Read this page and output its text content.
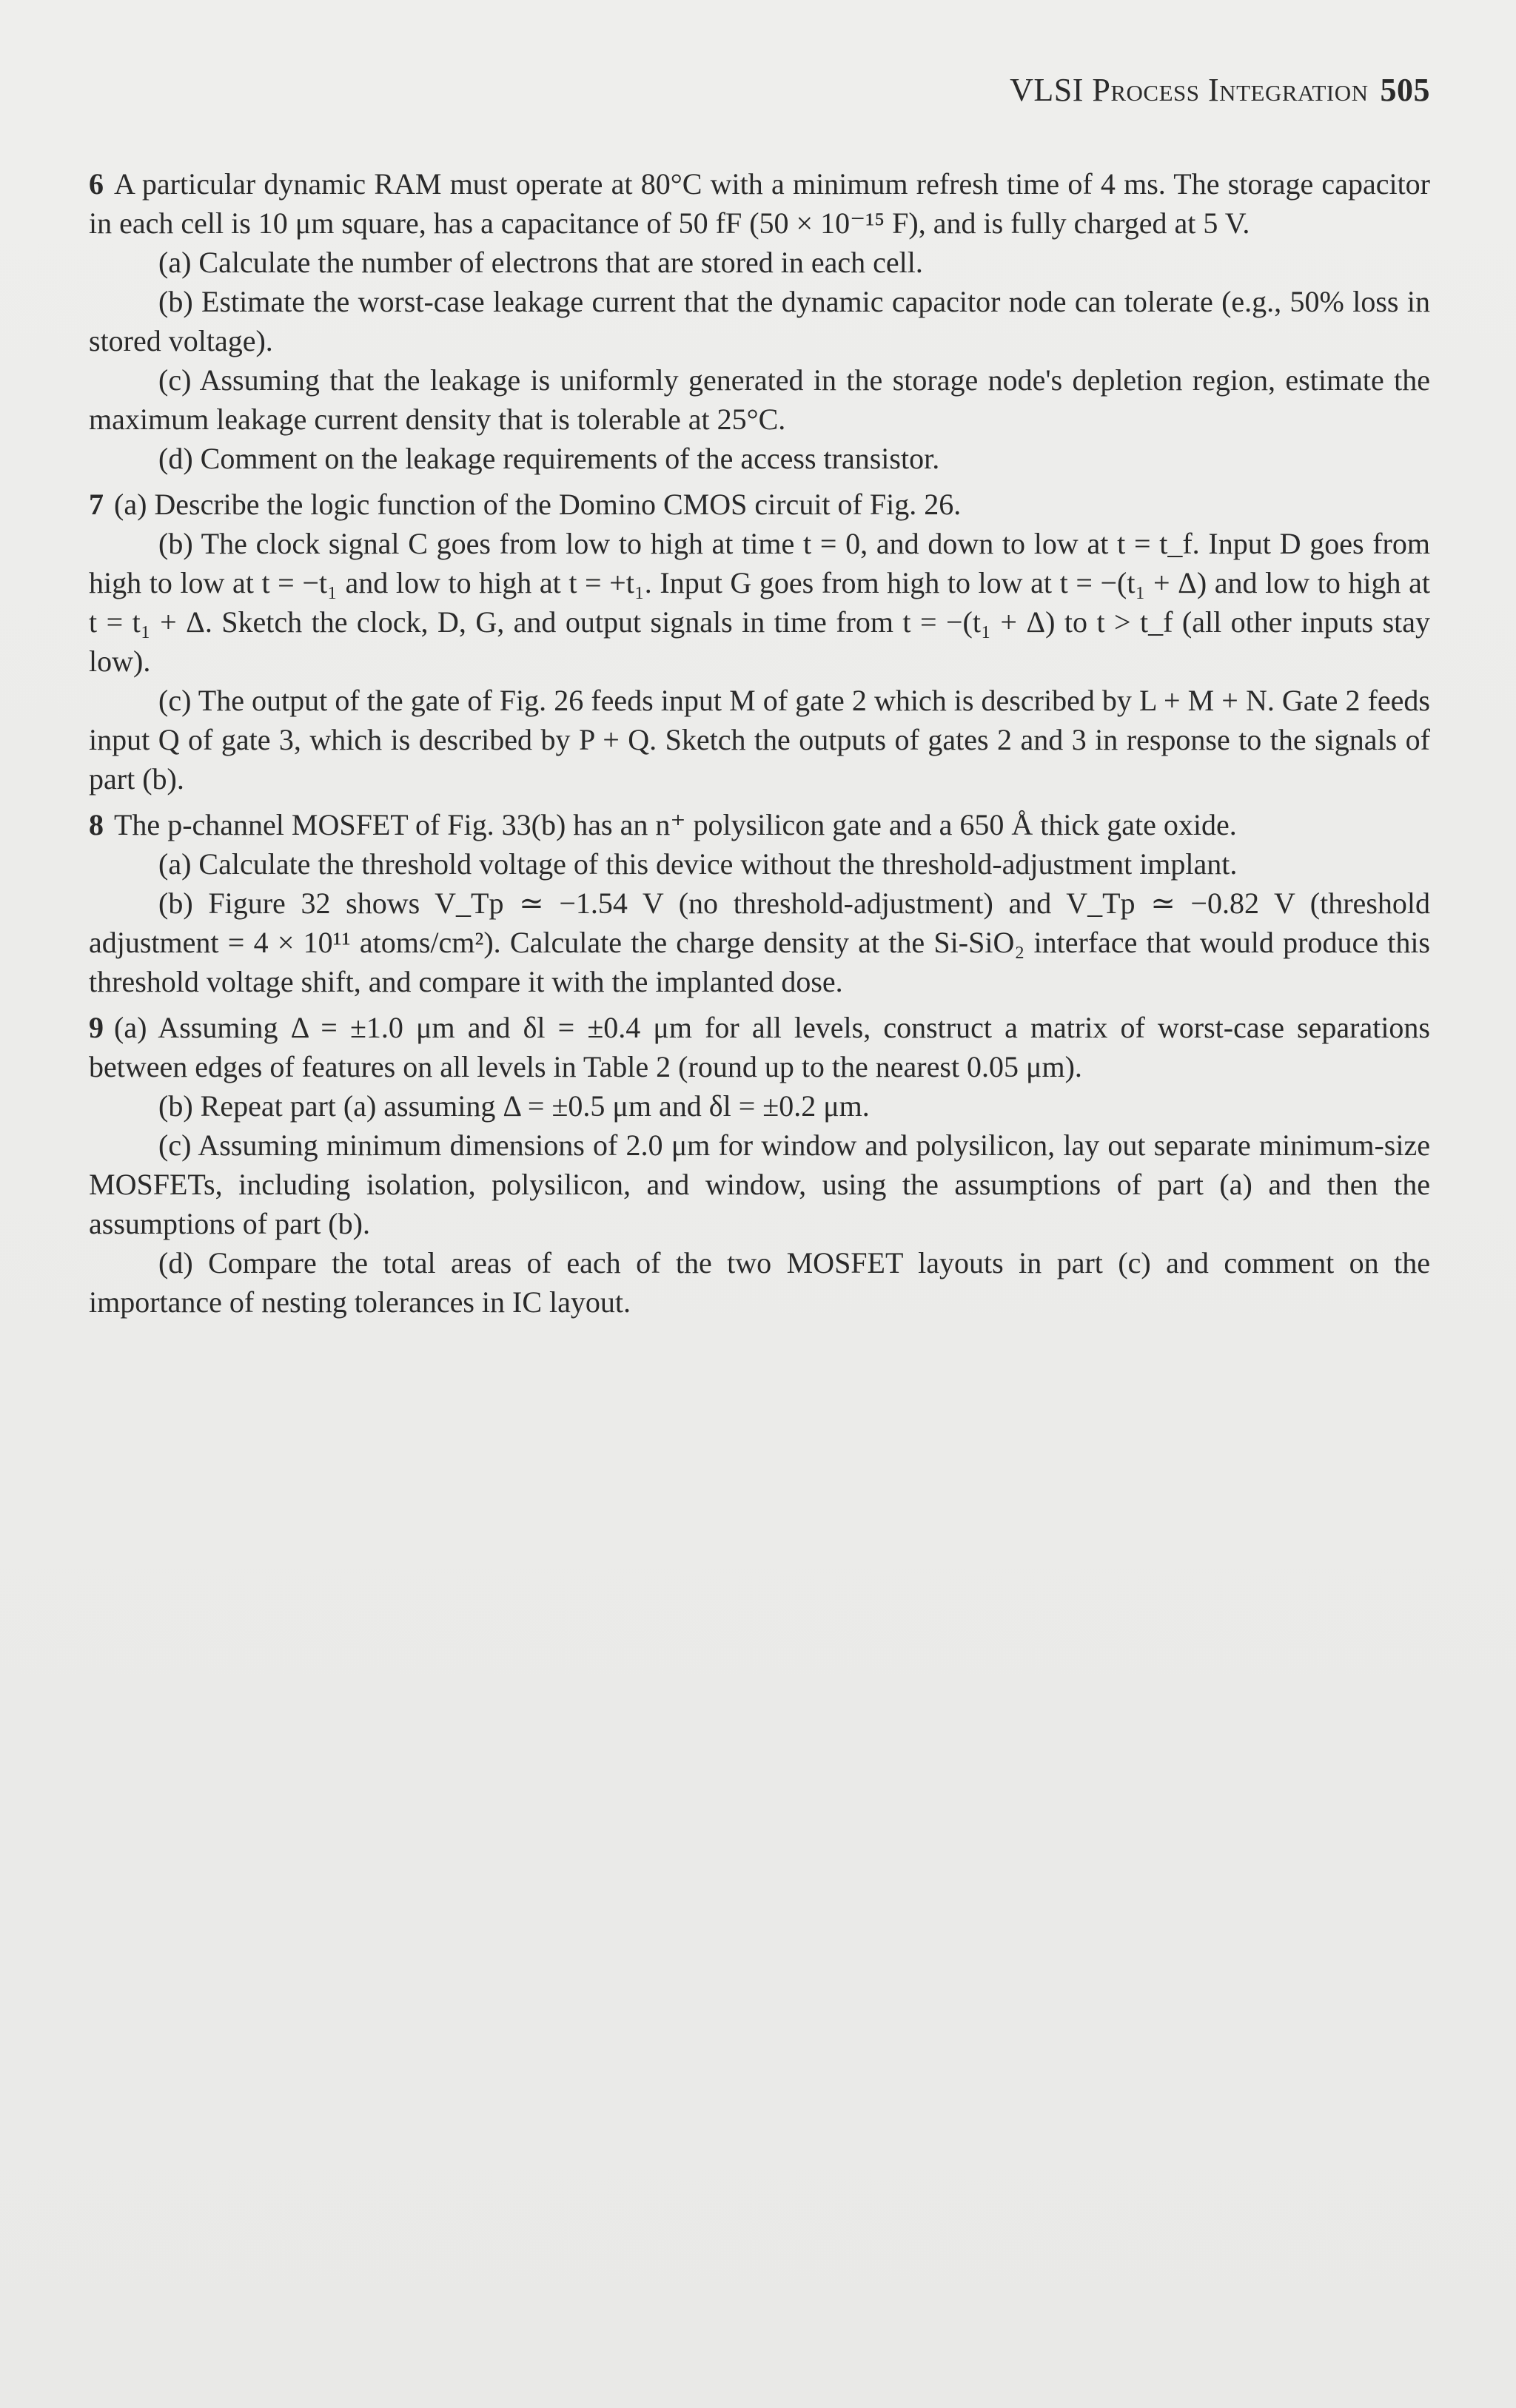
VLSI Process Integration 505

6 A particular dynamic RAM must operate at 80°C with a minimum refresh time of 4 ms. The storage capacitor in each cell is 10 μm square, has a capacitance of 50 fF (50 × 10⁻¹⁵ F), and is fully charged at 5 V.

(a) Calculate the number of electrons that are stored in each cell.

(b) Estimate the worst-case leakage current that the dynamic capacitor node can tolerate (e.g., 50% loss in stored voltage).

(c) Assuming that the leakage is uniformly generated in the storage node's depletion region, estimate the maximum leakage current density that is tolerable at 25°C.

(d) Comment on the leakage requirements of the access transistor.

7 (a) Describe the logic function of the Domino CMOS circuit of Fig. 26.

(b) The clock signal C goes from low to high at time t = 0, and down to low at t = t_f. Input D goes from high to low at t = −t₁ and low to high at t = +t₁. Input G goes from high to low at t = −(t₁ + Δ) and low to high at t = t₁ + Δ. Sketch the clock, D, G, and output signals in time from t = −(t₁ + Δ) to t > t_f (all other inputs stay low).

(c) The output of the gate of Fig. 26 feeds input M of gate 2 which is described by L + M + N. Gate 2 feeds input Q of gate 3, which is described by P + Q. Sketch the outputs of gates 2 and 3 in response to the signals of part (b).

8 The p-channel MOSFET of Fig. 33(b) has an n⁺ polysilicon gate and a 650 Å thick gate oxide.

(a) Calculate the threshold voltage of this device without the threshold-adjustment implant.

(b) Figure 32 shows V_Tp ≃ −1.54 V (no threshold-adjustment) and V_Tp ≃ −0.82 V (threshold adjustment = 4 × 10¹¹ atoms/cm²). Calculate the charge density at the Si-SiO₂ interface that would produce this threshold voltage shift, and compare it with the implanted dose.

9 (a) Assuming Δ = ±1.0 μm and δl = ±0.4 μm for all levels, construct a matrix of worst-case separations between edges of features on all levels in Table 2 (round up to the nearest 0.05 μm).

(b) Repeat part (a) assuming Δ = ±0.5 μm and δl = ±0.2 μm.

(c) Assuming minimum dimensions of 2.0 μm for window and polysilicon, lay out separate minimum-size MOSFETs, including isolation, polysilicon, and window, using the assumptions of part (a) and then the assumptions of part (b).

(d) Compare the total areas of each of the two MOSFET layouts in part (c) and comment on the importance of nesting tolerances in IC layout.
